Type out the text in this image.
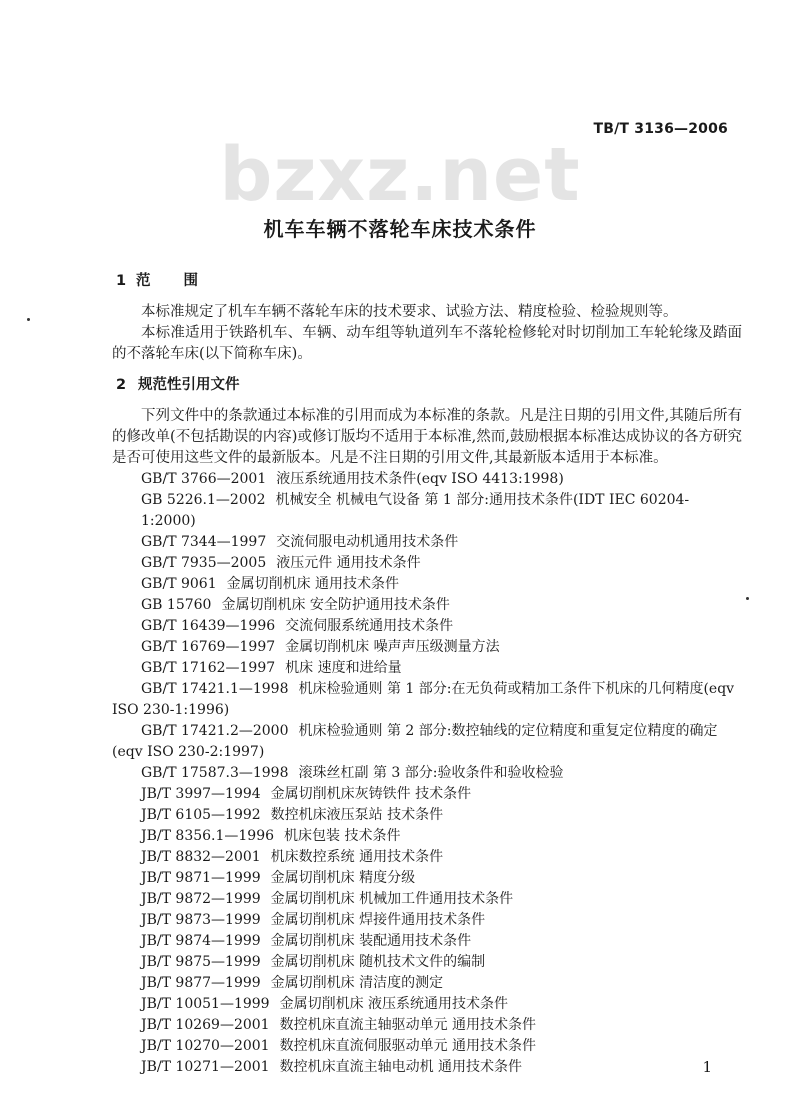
TB/T 3136—2006
bzxz.net
机车车辆不落轮车床技术条件
1 范 围

本标准规定了机车车辆不落轮车床的技术要求、试验方法、精度检验、检验规则等。

本标准适用于铁路机车、车辆、动车组等轨道列车不落轮检修轮对时切削加工车轮轮缘及踏面的不落轮车床(以下简称车床)。

2 规范性引用文件

下列文件中的条款通过本标准的引用而成为本标准的条款。凡是注日期的引用文件,其随后所有的修改单(不包括勘误的内容)或修订版均不适用于本标准,然而,鼓励根据本标准达成协议的各方研究是否可使用这些文件的最新版本。凡是不注日期的引用文件,其最新版本适用于本标准。

GB/T 3766—2001 液压系统通用技术条件(eqv ISO 4413:1998)
GB 5226.1—2002 机械安全 机械电气设备 第 1 部分:通用技术条件(IDT IEC 60204-1:2000)
GB/T 7344—1997 交流伺服电动机通用技术条件
GB/T 7935—2005 液压元件 通用技术条件
GB/T 9061 金属切削机床 通用技术条件
GB 15760 金属切削机床 安全防护通用技术条件
GB/T 16439—1996 交流伺服系统通用技术条件
GB/T 16769—1997 金属切削机床 噪声声压级测量方法
GB/T 17162—1997 机床 速度和进给量
GB/T 17421.1—1998 机床检验通则 第 1 部分:在无负荷或精加工条件下机床的几何精度(eqv ISO 230-1:1996)
GB/T 17421.2—2000 机床检验通则 第 2 部分:数控轴线的定位精度和重复定位精度的确定(eqv ISO 230-2:1997)
GB/T 17587.3—1998 滚珠丝杠副 第 3 部分:验收条件和验收检验
JB/T 3997—1994 金属切削机床灰铸铁件 技术条件
JB/T 6105—1992 数控机床液压泵站 技术条件
JB/T 8356.1—1996 机床包装 技术条件
JB/T 8832—2001 机床数控系统 通用技术条件
JB/T 9871—1999 金属切削机床 精度分级
JB/T 9872—1999 金属切削机床 机械加工件通用技术条件
JB/T 9873—1999 金属切削机床 焊接件通用技术条件
JB/T 9874—1999 金属切削机床 装配通用技术条件
JB/T 9875—1999 金属切削机床 随机技术文件的编制
JB/T 9877—1999 金属切削机床 清洁度的测定
JB/T 10051—1999 金属切削机床 液压系统通用技术条件
JB/T 10269—2001 数控机床直流主轴驱动单元 通用技术条件
JB/T 10270—2001 数控机床直流伺服驱动单元 通用技术条件
JB/T 10271—2001 数控机床直流主轴电动机 通用技术条件	1
